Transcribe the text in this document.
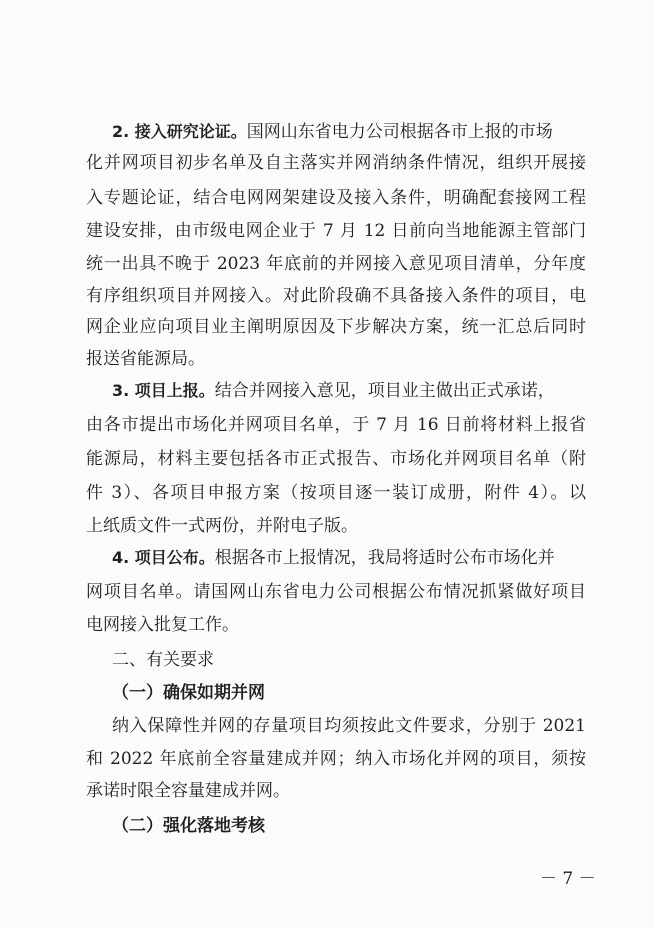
2. 接入研究论证。国网山东省电力公司根据各市上报的市场
化并网项目初步名单及自主落实并网消纳条件情况，组织开展接
入专题论证，结合电网网架建设及接入条件，明确配套接网工程
建设安排，由市级电网企业于 7 月 12 日前向当地能源主管部门
统一出具不晚于 2023 年底前的并网接入意见项目清单，分年度
有序组织项目并网接入。对此阶段确不具备接入条件的项目，电
网企业应向项目业主阐明原因及下步解决方案，统一汇总后同时
报送省能源局。
3. 项目上报。结合并网接入意见，项目业主做出正式承诺，
由各市提出市场化并网项目名单，于 7 月 16 日前将材料上报省
能源局，材料主要包括各市正式报告、市场化并网项目名单（附
件 3）、各项目申报方案（按项目逐一装订成册，附件 4）。以
上纸质文件一式两份，并附电子版。
4. 项目公布。根据各市上报情况，我局将适时公布市场化并
网项目名单。请国网山东省电力公司根据公布情况抓紧做好项目
电网接入批复工作。
二、有关要求
（一）确保如期并网
纳入保障性并网的存量项目均须按此文件要求，分别于 2021
和 2022 年底前全容量建成并网；纳入市场化并网的项目，须按
承诺时限全容量建成并网。
（二）强化落地考核
－ 7 －
